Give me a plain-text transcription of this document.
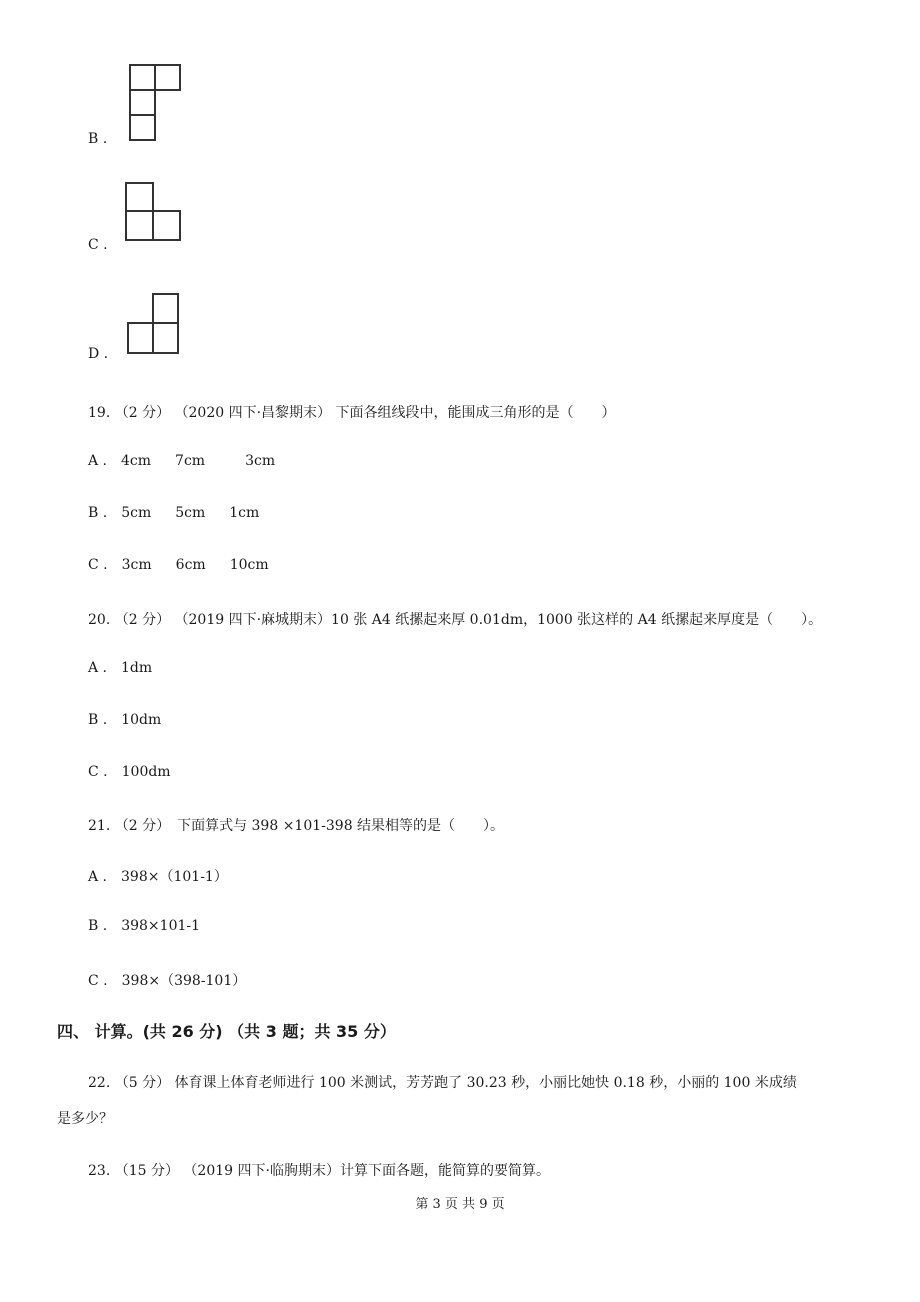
B .
C .
D .
19. （2 分） （2020 四下·昌黎期末） 下面各组线段中，能围成三角形的是（　　）
A . 4cm 7cm	3cm
B . 5cm 5cm 1cm
C . 3cm 6cm 10cm
20. （2 分） （2019 四下·麻城期末）10 张 A4 纸摞起来厚 0.01dm，1000 张这样的 A4 纸摞起来厚度是（　　）。
A . 1dm
B . 10dm
C . 100dm
21. （2 分）　下面算式与 398 ×101-398 结果相等的是（　　）。
A . 398×（101-1）
B . 398×101-1
C . 398×（398-101）
四、 计算。(共 26 分) （共 3 题；共 35 分）
22. （5 分） 体育课上体育老师进行 100 米测试，芳芳跑了 30.23 秒，小丽比她快 0.18 秒，小丽的 100 米成绩
是多少？
23. （15 分） （2019 四下·临朐期末）计算下面各题，能简算的要简算。
第 3 页 共 9 页
